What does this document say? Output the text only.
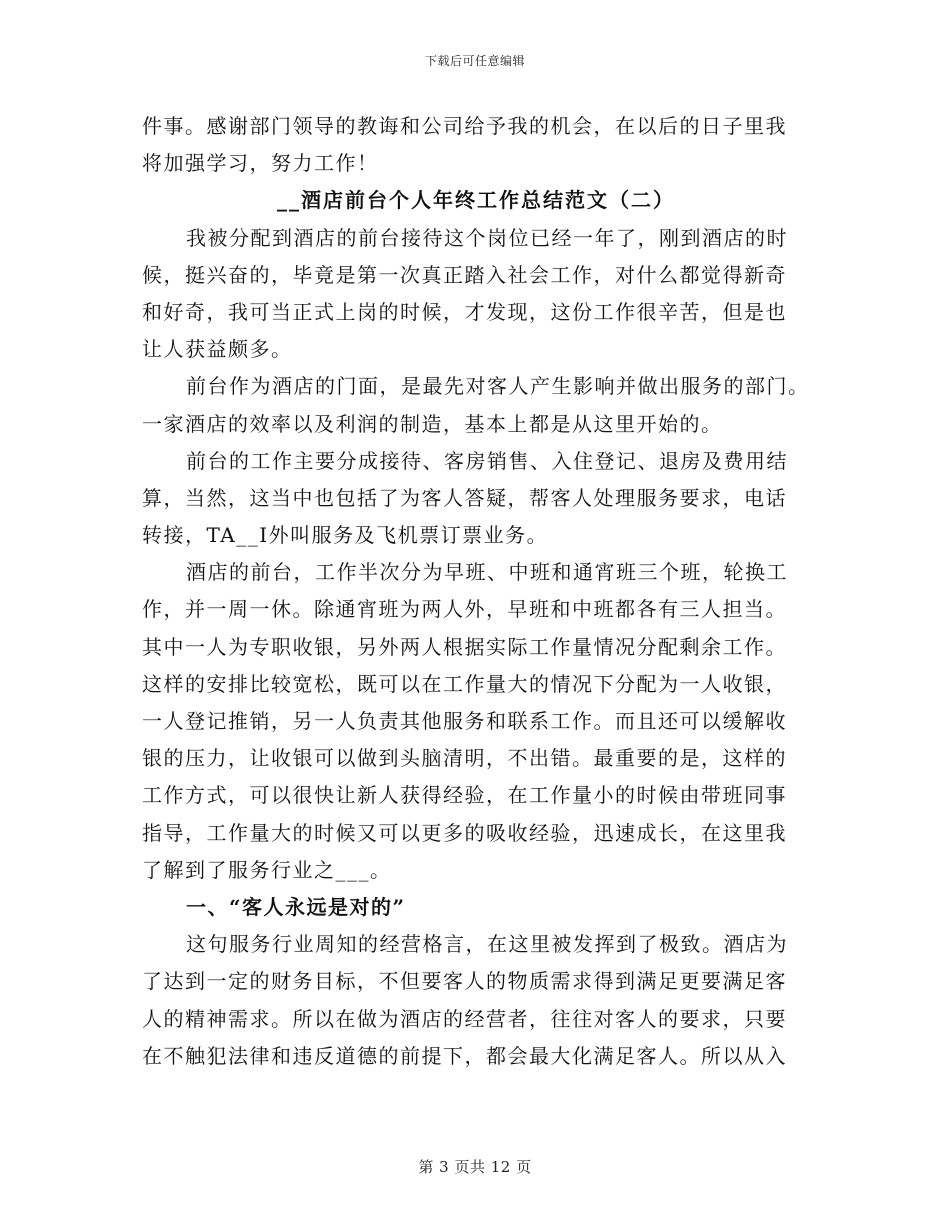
下载后可任意编辑
件事。感谢部门领导的教诲和公司给予我的机会，在以后的日子里我
将加强学习，努力工作！
__酒店前台个人年终工作总结范文（二）
我被分配到酒店的前台接待这个岗位已经一年了，刚到酒店的时
候，挺兴奋的，毕竟是第一次真正踏入社会工作，对什么都觉得新奇
和好奇，我可当正式上岗的时候，才发现，这份工作很辛苦，但是也
让人获益颇多。
前台作为酒店的门面，是最先对客人产生影响并做出服务的部门。
一家酒店的效率以及利润的制造，基本上都是从这里开始的。
前台的工作主要分成接待、客房销售、入住登记、退房及费用结
算，当然，这当中也包括了为客人答疑，帮客人处理服务要求，电话
转接，TA__I外叫服务及飞机票订票业务。
酒店的前台，工作半次分为早班、中班和通宵班三个班，轮换工
作，并一周一休。除通宵班为两人外，早班和中班都各有三人担当。
其中一人为专职收银，另外两人根据实际工作量情况分配剩余工作。
这样的安排比较宽松，既可以在工作量大的情况下分配为一人收银，
一人登记推销，另一人负责其他服务和联系工作。而且还可以缓解收
银的压力，让收银可以做到头脑清明，不出错。最重要的是，这样的
工作方式，可以很快让新人获得经验，在工作量小的时候由带班同事
指导，工作量大的时候又可以更多的吸收经验，迅速成长，在这里我
了解到了服务行业之___。
一、“客人永远是对的”
这句服务行业周知的经营格言，在这里被发挥到了极致。酒店为
了达到一定的财务目标，不但要客人的物质需求得到满足更要满足客
人的精神需求。所以在做为酒店的经营者，往往对客人的要求，只要
在不触犯法律和违反道德的前提下，都会最大化满足客人。所以从入
第 3 页共 12 页
